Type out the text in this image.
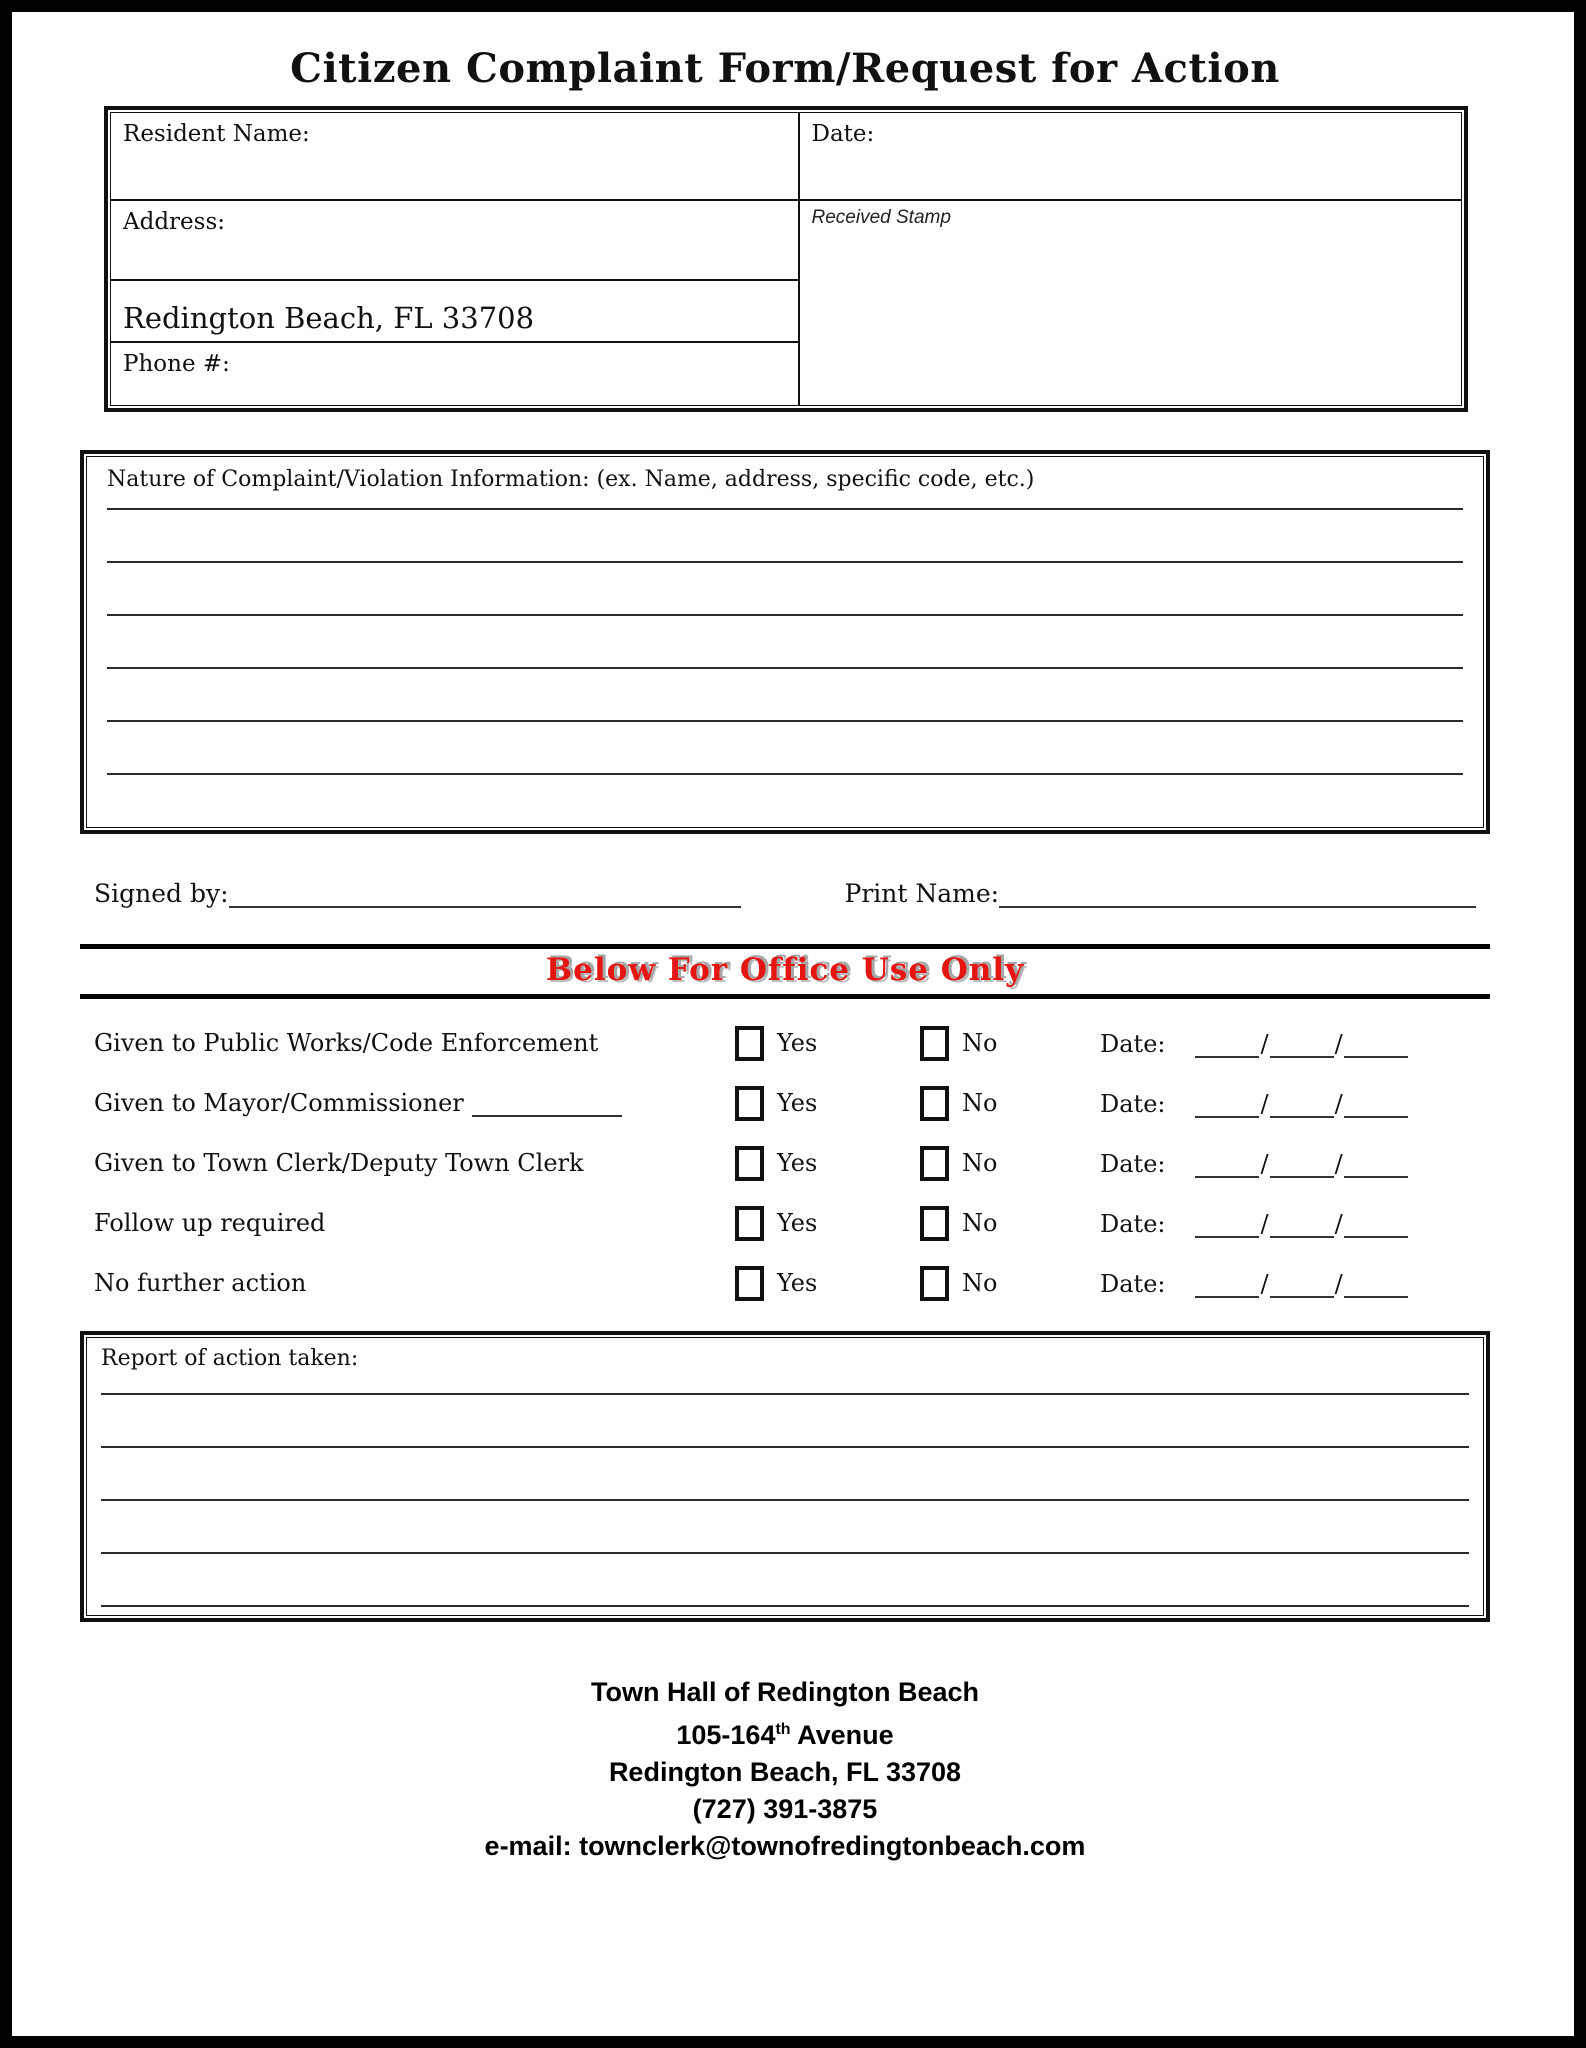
Citizen Complaint Form/Request for Action
Resident Name:
Address:
Redington Beach, FL 33708
Phone #:
Date:
Received Stamp
Nature of Complaint/Violation Information: (ex. Name, address, specific code, etc.)
Signed by:	Print Name:
Below For Office Use Only
Given to Public Works/Code Enforcement	Yes	No	Date:	/	/
Given to Mayor/Commissioner	Yes	No	Date:	/	/
Given to Town Clerk/Deputy Town Clerk	Yes	No	Date:	/	/
Follow up required	Yes	No	Date:	/	/
No further action	Yes	No	Date:	/	/
Report of action taken:
Town Hall of Redington Beach
105-164th Avenue
Redington Beach, FL 33708
(727) 391-3875
e-mail: townclerk@townofredingtonbeach.com
